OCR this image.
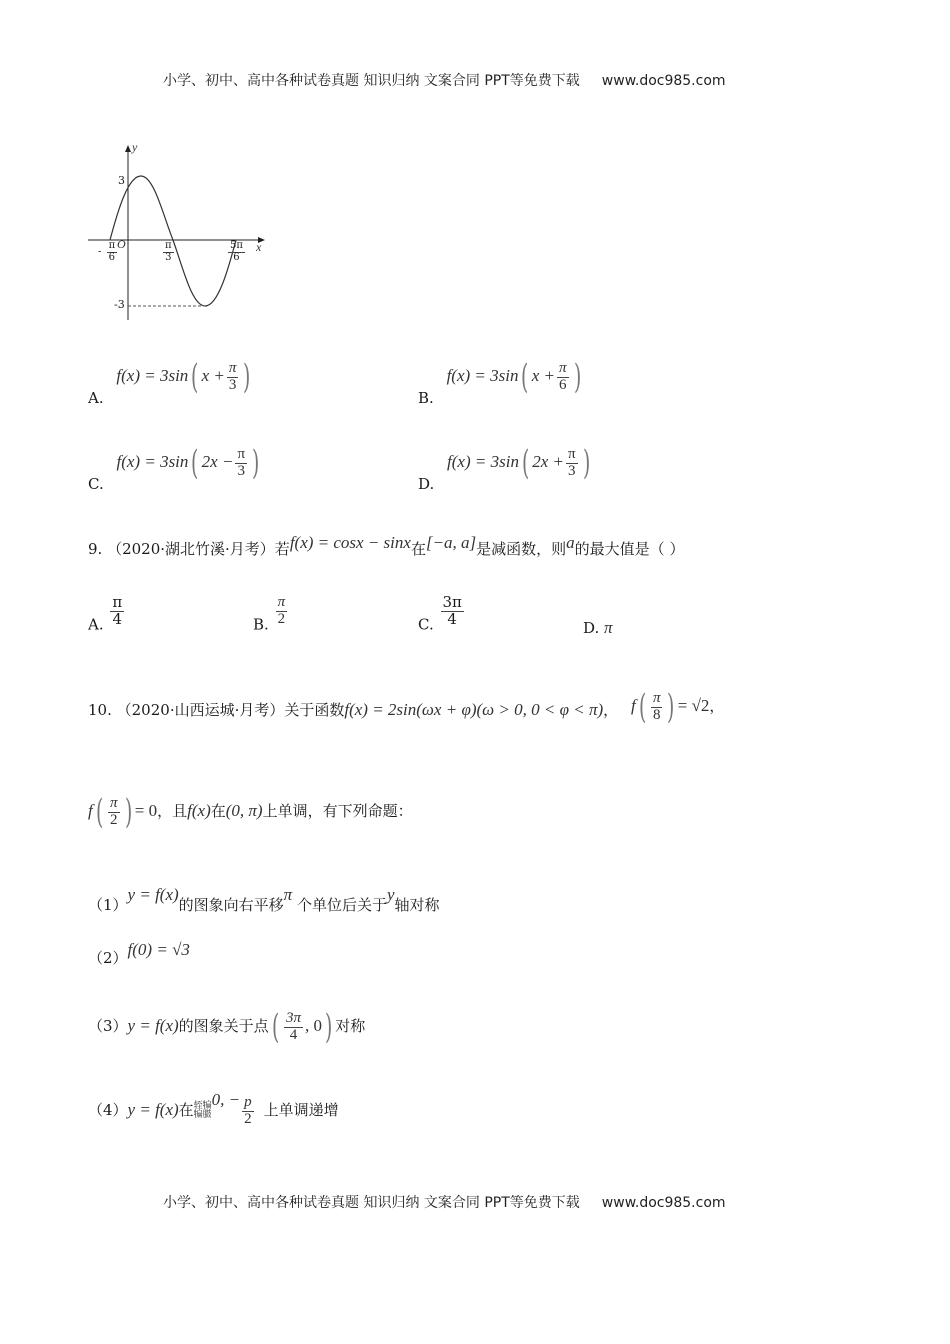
小学、初中、高中各种试卷真题 知识归纳 文案合同 PPT等免费下载 www.doc985.com
y
x
O
3
-3
- $\frac{\pi}{6}$	$\frac{\pi}{3}$	$\frac{5\pi}{6}$
A. f(x) = 3sin( $x + \frac{\pi}{3}$ )
B. f(x) = 3sin( $x + \frac{\pi}{6}$ )
C. f(x) = 3sin( $2x - \frac{\pi}{3}$ )
D. f(x) = 3sin( $2x + \frac{\pi}{3}$ )
9. （2020·湖北竹溪·月考）若f(x) = cosx − sinx在[−a, a]是减函数，则a的最大值是（ ）
A. $\frac{\pi}{4}$	B. $\frac{\pi}{2}$	C. $\frac{3\pi}{4}$
D. π
10. （2020·山西运城·月考）关于函数f(x) = 2sin(ωx + φ)(ω > 0, 0 < φ < π)， $f( \frac{\pi}{8}$ ) = √2，
$f( \frac{\pi}{2}$ ) = 0，且f(x)在(0, π)上单调，有下列命题：
（1）y = f(x)的图象向右平移π 个单位后关于y轴对称
（2）f(0) = √3
（3）y = f(x)的图象关于点( $\frac{3\pi}{4}$ , 0) 对称
（4）y = f(x)在轾犏犏臌0, − $\frac{p}{2}$ 上单调递增
小学、初中、高中各种试卷真题 知识归纳 文案合同 PPT等免费下载 www.doc985.com
